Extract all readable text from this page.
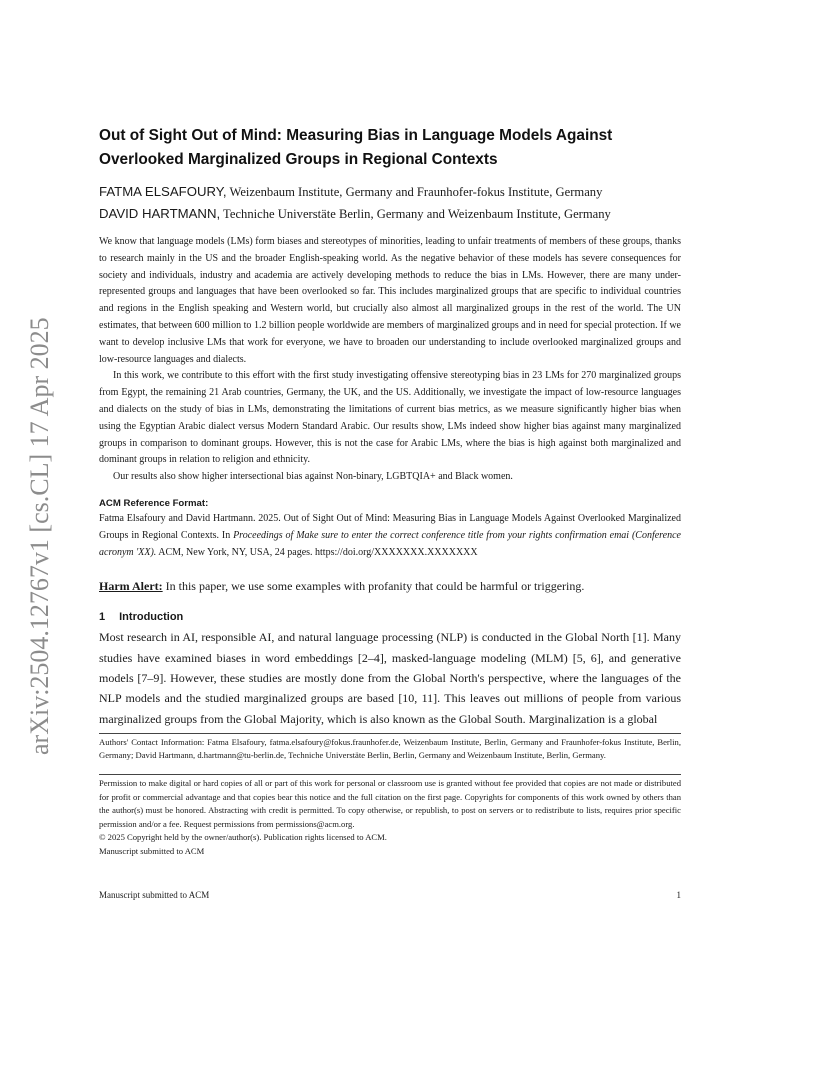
arXiv:2504.12767v1 [cs.CL] 17 Apr 2025
Out of Sight Out of Mind: Measuring Bias in Language Models Against Overlooked Marginalized Groups in Regional Contexts

FATMA ELSAFOURY, Weizenbaum Institute, Germany and Fraunhofer-fokus Institute, Germany

DAVID HARTMANN, Techniche Universtäte Berlin, Germany and Weizenbaum Institute, Germany

We know that language models (LMs) form biases and stereotypes of minorities, leading to unfair treatments of members of these groups, thanks to research mainly in the US and the broader English-speaking world. As the negative behavior of these models has severe consequences for society and individuals, industry and academia are actively developing methods to reduce the bias in LMs. However, there are many under-represented groups and languages that have been overlooked so far. This includes marginalized groups that are specific to individual countries and regions in the English speaking and Western world, but crucially also almost all marginalized groups in the rest of the world. The UN estimates, that between 600 million to 1.2 billion people worldwide are members of marginalized groups and in need for special protection. If we want to develop inclusive LMs that work for everyone, we have to broaden our understanding to include overlooked marginalized groups and low-resource languages and dialects.

In this work, we contribute to this effort with the first study investigating offensive stereotyping bias in 23 LMs for 270 marginalized groups from Egypt, the remaining 21 Arab countries, Germany, the UK, and the US. Additionally, we investigate the impact of low-resource languages and dialects on the study of bias in LMs, demonstrating the limitations of current bias metrics, as we measure significantly higher bias when using the Egyptian Arabic dialect versus Modern Standard Arabic. Our results show, LMs indeed show higher bias against many marginalized groups in comparison to dominant groups. However, this is not the case for Arabic LMs, where the bias is high against both marginalized and dominant groups in relation to religion and ethnicity.

Our results also show higher intersectional bias against Non-binary, LGBTQIA+ and Black women.

ACM Reference Format:

Fatma Elsafoury and David Hartmann. 2025. Out of Sight Out of Mind: Measuring Bias in Language Models Against Overlooked Marginalized Groups in Regional Contexts. In Proceedings of Make sure to enter the correct conference title from your rights confirmation emai (Conference acronym 'XX). ACM, New York, NY, USA, 24 pages. https://doi.org/XXXXXXX.XXXXXXX

Harm Alert: In this paper, we use some examples with profanity that could be harmful or triggering.

1 Introduction

Most research in AI, responsible AI, and natural language processing (NLP) is conducted in the Global North [1]. Many studies have examined biases in word embeddings [2–4], masked-language modeling (MLM) [5, 6], and generative models [7–9]. However, these studies are mostly done from the Global North's perspective, where the languages of the NLP models and the studied marginalized groups are based [10, 11]. This leaves out millions of people from various marginalized groups from the Global Majority, which is also known as the Global South. Marginalization is a global

Authors' Contact Information: Fatma Elsafoury, fatma.elsafoury@fokus.fraunhofer.de, Weizenbaum Institute, Berlin, Germany and Fraunhofer-fokus Institute, Berlin, Germany; David Hartmann, d.hartmann@tu-berlin.de, Techniche Universtäte Berlin, Berlin, Germany and Weizenbaum Institute, Berlin, Germany.

Permission to make digital or hard copies of all or part of this work for personal or classroom use is granted without fee provided that copies are not made or distributed for profit or commercial advantage and that copies bear this notice and the full citation on the first page. Copyrights for components of this work owned by others than the author(s) must be honored. Abstracting with credit is permitted. To copy otherwise, or republish, to post on servers or to redistribute to lists, requires prior specific permission and/or a fee. Request permissions from permissions@acm.org.

© 2025 Copyright held by the owner/author(s). Publication rights licensed to ACM.

Manuscript submitted to ACM

Manuscript submitted to ACM	1
